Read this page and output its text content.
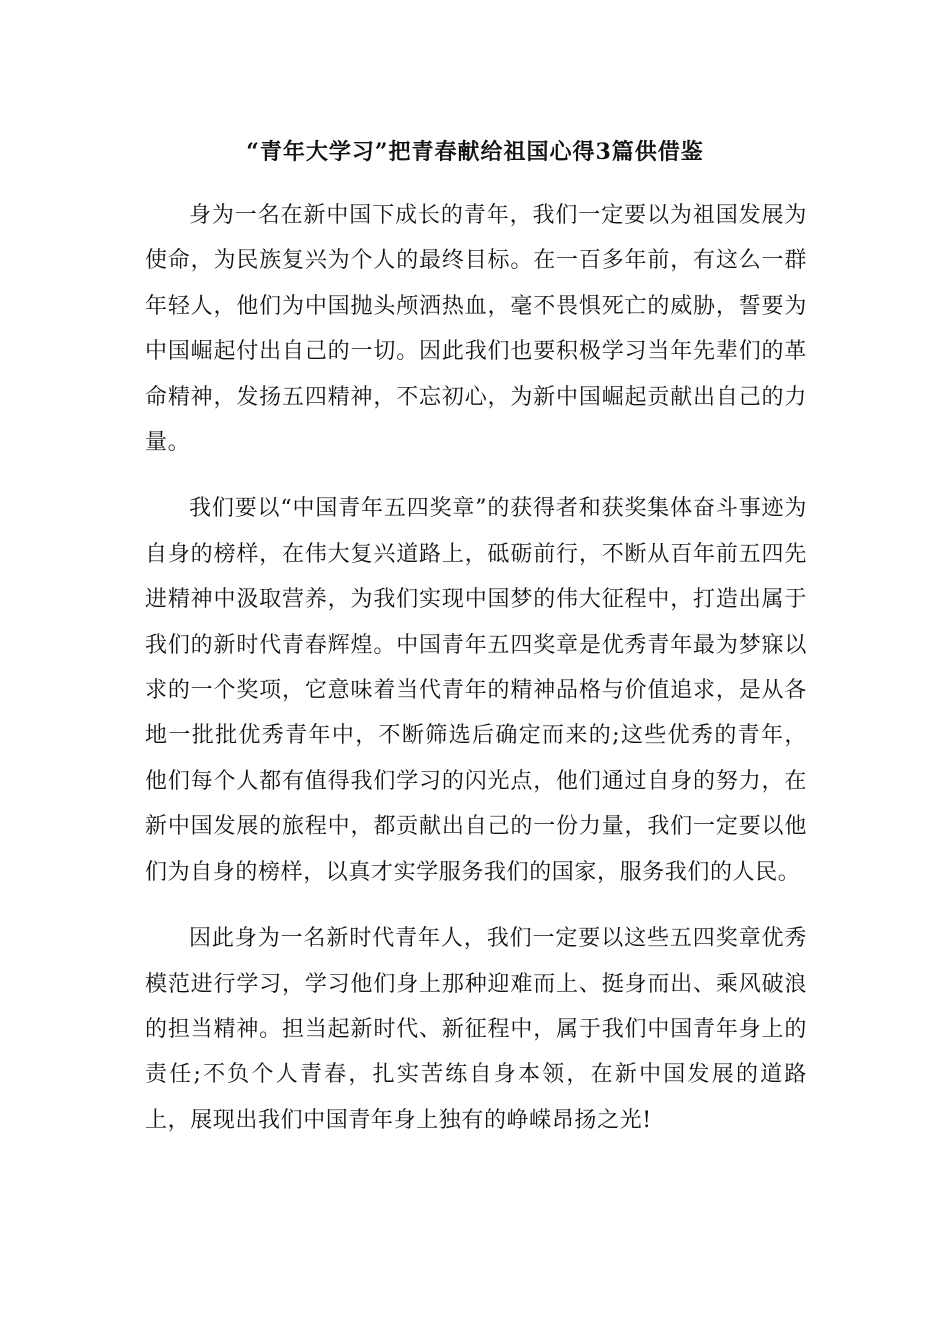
“青年大学习”把青春献给祖国心得3篇供借鉴

身为一名在新中国下成长的青年，我们一定要以为祖国发展为使命，为民族复兴为个人的最终目标。在一百多年前，有这么一群年轻人，他们为中国抛头颅洒热血，毫不畏惧死亡的威胁，誓要为中国崛起付出自己的一切。因此我们也要积极学习当年先辈们的革命精神，发扬五四精神，不忘初心，为新中国崛起贡献出自己的力量。

我们要以“中国青年五四奖章”的获得者和获奖集体奋斗事迹为自身的榜样，在伟大复兴道路上，砥砺前行，不断从百年前五四先进精神中汲取营养，为我们实现中国梦的伟大征程中，打造出属于我们的新时代青春辉煌。中国青年五四奖章是优秀青年最为梦寐以求的一个奖项，它意味着当代青年的精神品格与价值追求，是从各地一批批优秀青年中，不断筛选后确定而来的;这些优秀的青年，他们每个人都有值得我们学习的闪光点，他们通过自身的努力，在新中国发展的旅程中，都贡献出自己的一份力量，我们一定要以他们为自身的榜样，以真才实学服务我们的国家，服务我们的人民。

因此身为一名新时代青年人，我们一定要以这些五四奖章优秀模范进行学习，学习他们身上那种迎难而上、挺身而出、乘风破浪的担当精神。担当起新时代、新征程中，属于我们中国青年身上的责任;不负个人青春，扎实苦练自身本领，在新中国发展的道路上，展现出我们中国青年身上独有的峥嵘昂扬之光!
